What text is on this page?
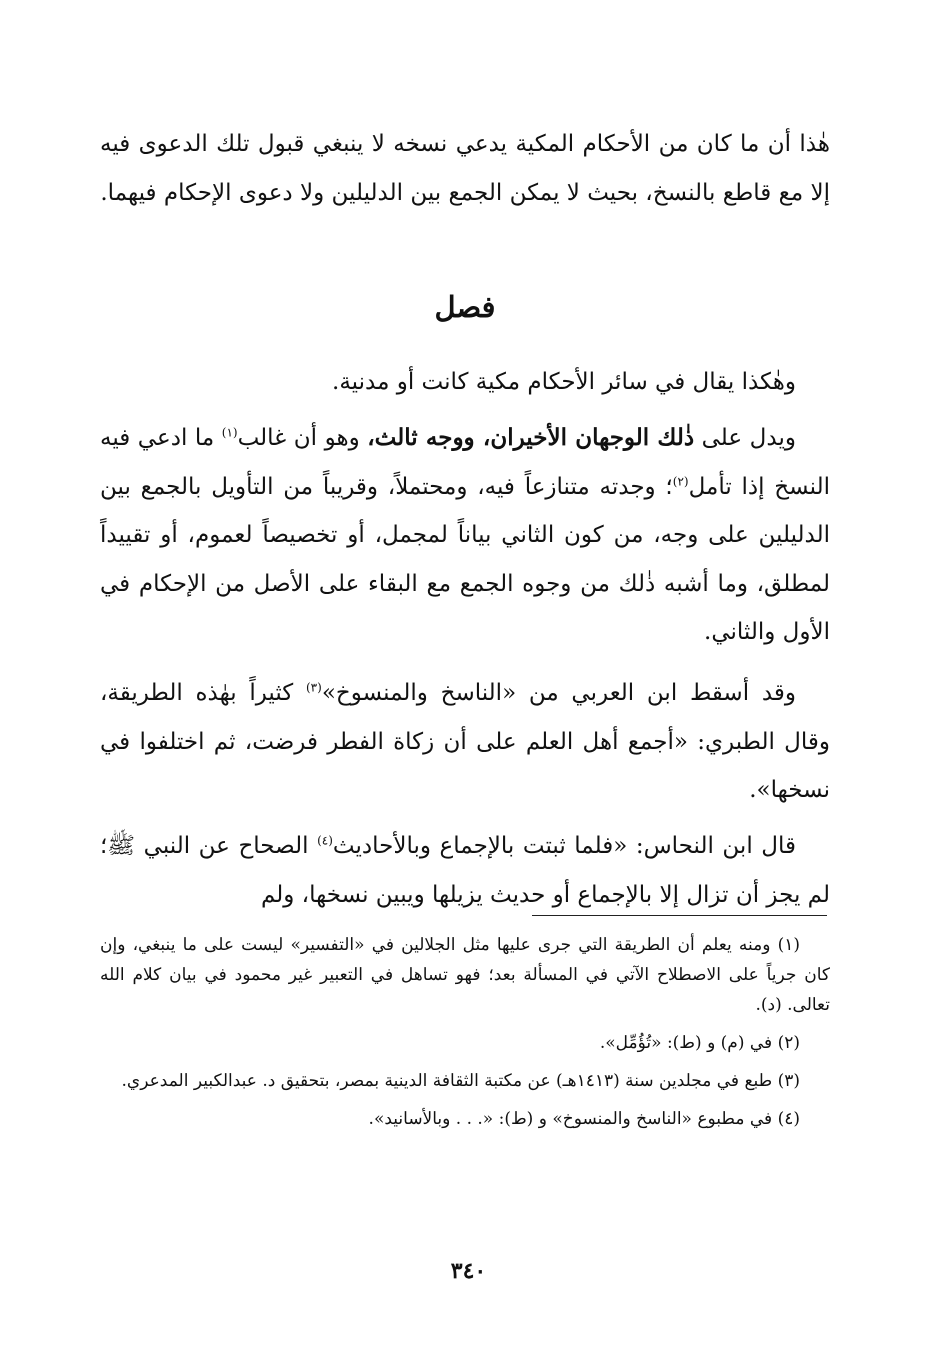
هٰذا أن ما كان من الأحكام المكية يدعي نسخه لا ينبغي قبول تلك الدعوى فيه إلا مع قاطع بالنسخ، بحيث لا يمكن الجمع بين الدليلين ولا دعوى الإحكام فيهما.

فصل

وهٰكذا يقال في سائر الأحكام مكية كانت أو مدنية.

ويدل على ذٰلك الوجهان الأخيران، ووجه ثالث، وهو أن غالب$^{(١)}$ ما ادعي فيه النسخ إذا تأمل$^{(٢)}$؛ وجدته متنازعاً فيه، ومحتملاً، وقريباً من التأويل بالجمع بين الدليلين على وجه، من كون الثاني بياناً لمجمل، أو تخصيصاً لعموم، أو تقييداً لمطلق، وما أشبه ذٰلك من وجوه الجمع مع البقاء على الأصل من الإحكام في الأول والثاني.

وقد أسقط ابن العربي من «الناسخ والمنسوخ»$^{(٣)}$ كثيراً بهٰذه الطريقة، وقال الطبري: «أجمع أهل العلم على أن زكاة الفطر فرضت، ثم اختلفوا في نسخها».

قال ابن النحاس: «فلما ثبتت بالإجماع وبالأحاديث$^{(٤)}$ الصحاح عن النبي ﷺ؛ لم يجز أن تزال إلا بالإجماع أو حديث يزيلها ويبين نسخها، ولم

(١) ومنه يعلم أن الطريقة التي جرى عليها مثل الجلالين في «التفسير» ليست على ما ينبغي، وإن كان جرياً على الاصطلاح الآتي في المسألة بعد؛ فهو تساهل في التعبير غير محمود في بيان كلام الله تعالى. (د).

(٢) في (م) و (ط): «تُؤُمِّل».

(٣) طبع في مجلدين سنة (١٤١٣هـ) عن مكتبة الثقافة الدينية بمصر، بتحقيق د. عبدالكبير المدعري.

(٤) في مطبوع «الناسخ والمنسوخ» و (ط): «. . . وبالأسانيد».

٣٤٠
